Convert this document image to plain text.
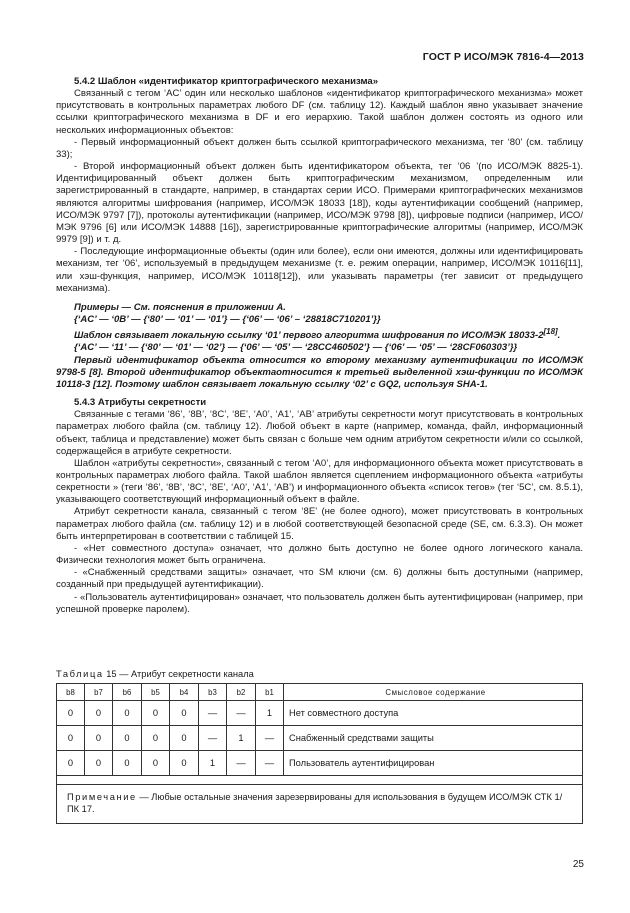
ГОСТ Р ИСО/МЭК 7816-4—2013

5.4.2 Шаблон «идентификатор криптографического механизма»

Связанный с тегом ‘AC’ один или несколько шаблонов «идентификатор криптографического механизма» может присутствовать в контрольных параметрах любого DF (см. таблицу 12). Каждый шаблон явно указывает значение ссылки криптографического механизма в DF и его иерархию. Такой шаблон должен состоять из одного или нескольких информационных объектов:

- Первый информационный объект должен быть ссылкой криптографического механизма, тег ‘80’ (см. таблицу 33);

- Второй информационный объект должен быть идентификатором объекта, тег ‘06 ’(по ИСО/МЭК 8825-1). Идентифицированный объект должен быть криптографическим механизмом, определенным или зарегистрированный в стандарте, например, в стандартах серии ИСО. Примерами криптографических механизмов являются алгоритмы шифрования (например, ИСО/МЭК 18033 [18]), коды аутентификации сообщений (например, ИСО/МЭК 9797 [7]), протоколы аутентификации (например, ИСО/МЭК 9798 [8]), цифровые подписи (например, ИСО/МЭК 9796 [6] или ИСО/МЭК 14888 [16]), зарегистрированные криптографические алгоритмы (например, ИСО/МЭК 9979 [9]) и т. д.

- Последующие информационные объекты (один или более), если они имеются, должны или идентифицировать механизм, тег ‘06’, используемый в предыдущем механизме (т. е. режим операции, например, ИСО/МЭК 10116[11], или хэш-функция, например, ИСО/МЭК 10118[12]), или указывать параметры (тег зависит от предыдущего механизма).

Примеры — См. пояснения в приложении А.

{‘AC’ — ‘0B’ — {‘80’ — ‘01’ — ‘01’} — {‘06’ — ‘06’ – ‘28818C710201’}}

Шаблон связывает локальную ссылку ‘01’ первого алгоритма шифрования по ИСО/МЭК 18033-2[18].

{‘AC’ — ‘11’ — {‘80’ — ‘01’ — ‘02’} — {‘06’ — ‘05’ — ‘28CC460502’} — {‘06’ — ‘05’ — ‘28CF060303’}}

Первый идентификатор объекта относится ко второму механизму аутентификации по ИСО/МЭК 9798-5 [8]. Второй идентификатор объектаотносится к третьей выделенной хэш-функции по ИСО/МЭК 10118-3 [12]. Поэтому шаблон связывает локальную ссылку ‘02’ с GQ2, используя SHA-1.

5.4.3 Атрибуты секретности

Связанные с тегами ‘86’, ‘8B’, ‘8C’, ‘8E’, ‘A0’, ‘A1’, ‘AB’ атрибуты секретности могут присутствовать в контрольных параметрах любого файла (см. таблицу 12). Любой объект в карте (например, команда, файл, информационный объект, таблица и представление) может быть связан с больше чем одним атрибутом секретности и/или со ссылкой, содержащейся в атрибуте секретности.

Шаблон «атрибуты секретности», связанный с тегом ‘A0’, для информационного объекта может присутствовать в контрольных параметрах любого файла. Такой шаблон является сцеплением информационного объекта «атрибуты секретности » (теги ‘86’, ‘8B’, ‘8C’, ‘8E’, ‘A0’, ‘A1’, ‘AB’) и информационного объекта «список тегов» (тег ‘5C’, см. 8.5.1), указывающего соответствующий информационный объект в файле.

Атрибут секретности канала, связанный с тегом ‘8E’ (не более одного), может присутствовать в контрольных параметрах любого файла (см. таблицу 12) и в любой соответствующей безопасной среде (SE, см. 6.3.3). Он может быть интерпретирован в соответствии с таблицей 15.

- «Нет совместного доступа» означает, что должно быть доступно не более одного логического канала. Физически технология может быть ограничена.

- «Снабженный средствами защиты» означает, что SM ключи (см. 6) должны быть доступными (например, созданный при предыдущей аутентификации).

- «Пользователь аутентифицирован» означает, что пользователь должен быть аутентифицирован (например, при успешной проверке паролем).

Таблица 15 — Атрибут секретности канала
b8	b7	b6	b5	b4	b3	b2	b1	Смысловое содержание
0	0	0	0	0	—	—	1	Нет совместного доступа
0	0	0	0	0	—	1	—	Снабженный средствами защиты
0	0	0	0	0	1	—	—	Пользователь аутентифицирован

Примечание — Любые остальные значения зарезервированы для использования в будущем ИСО/МЭК СТК 1/ПК 17.								
25
